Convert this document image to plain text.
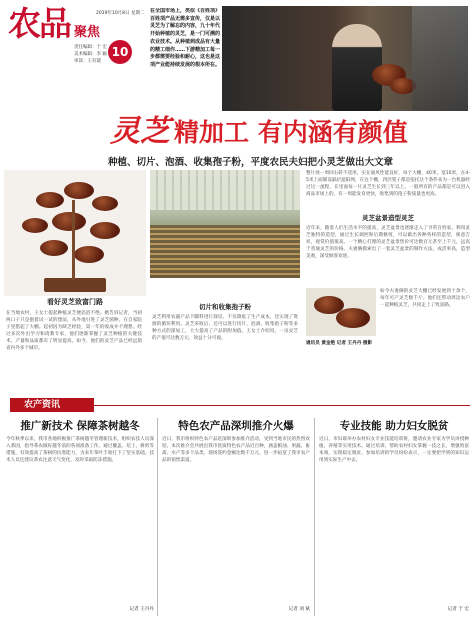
农品 聚焦
2019年10月8日 星期二
责任编辑：于 宏
美术编辑：李 颖
审读：王有瑗
10
在全国市场上，类似《百姓项》百姓项产品无需多宣传，仅是以灵芝为了解忘的内容，九十年代开始种植的灵芝，是一门可溯的农业技术。从种植到成品有大量的精工细作……下游精加工每一步都需要经验和耐心，这也是这项产业能持续发展的根本所在。
灵芝 精加工 有内涵有颜值
种植、切片、泡酒、收集孢子粉，平度农民夫妇把小灵芝做出大文章
看好灵芝致富门路
在当地农村，王女士提起种植灵芝便滔滔不绝。她告诉记者，当初两口子只是抱着试一试的想法，从外地引进了灵芝菌种，在自家院子里搭起了大棚。起初因为缺乏经验，第一年的收成并不理想。经过多次外出学习和请教专家，他们逐渐掌握了灵芝种植的关键技术，产量和品质都有了明显提高。如今，他们的灵芝产品已经远销省内外多个城市。
切片和收集孢子粉
灵芝利用农副产品下脚料进行栽培，不仅降低了生产成本，还实现了资源的循环利用。灵芝采收后，还可以进行切片、泡酒、收集孢子粉等多种方式的深加工，大大提高了产品的附加值。王女士介绍说，一亩灵芝的产值可达数万元，效益十分可观。
整片放一周回右转不适用，实在通风性能良好，每个大棚，40米，宽10米，在4-5米上面铺设隔层遮阳网，在这个棚，四层架子都是依托这个条件来为一台机器经过这一流程，在里面每一片灵芝生长到三年以上。一般所有的产品都是可以进入商品市场上的，有一周能发育更快，收集到的孢子粉质量也更高。
灵芝盆景造型灵芝
近年来，随着人们生活水平的提高，灵芝盆景也逐渐走入了寻常百姓家。利用灵芝独特的造型，通过生长调控和后期修剪，可以做出各种各样的造型，寓意吉祥，观赏价值很高。一个精心打理的灵芝盆景售价可达数百元甚至上千元，远高于普通灵芝的价格。夫妻俩摸索出了一套灵芝盆景的制作方法，成活率高，造型美观，深受顾客欢迎。
如今夫妻俩的灵芝大棚已经发展到十余个，每年可产灵芝数千斤。他们还带动周边农户一起种植灵芝，共同走上了致富路。
通讯员 黄金艳 记者 王丹丹 摄影
农产资讯
推广新技术 保障茶树越冬
今年秋季以来，我市各地积极推广茶树越冬管理新技术，组织农技人员深入茶园，指导茶农做好越冬前的各项准备工作。通过覆盖、培土、修剪等措施，有效提高了茶树的抗寒能力，为来年茶叶丰收打下了坚实基础。技术人员还建议茶农注意天气变化，及时采取防冻措施。
记者 王丹丹
特色农产品深圳推介火爆
近日，我市组织特色农产品赴深圳参加推介活动，受到当地市民的热烈欢迎。本次推介会共展出我市优质特色农产品近百种，涵盖粮油、果蔬、畜禽、水产等多个品类。现场签约金额达数千万元，进一步拓宽了我市农产品的销售渠道。
记者 刘 斌
专业技能 助力妇女脱贫
近日，市妇联举办农村妇女专业技能培训班，邀请农业专家为学员讲授种植、养殖等实用技术。通过培训，帮助农村妇女掌握一技之长，增强致富本领，实现稳定脱贫。参加培训的学员纷纷表示，一定要把学到的知识运用到实际生产中去。
记者 于 宏
